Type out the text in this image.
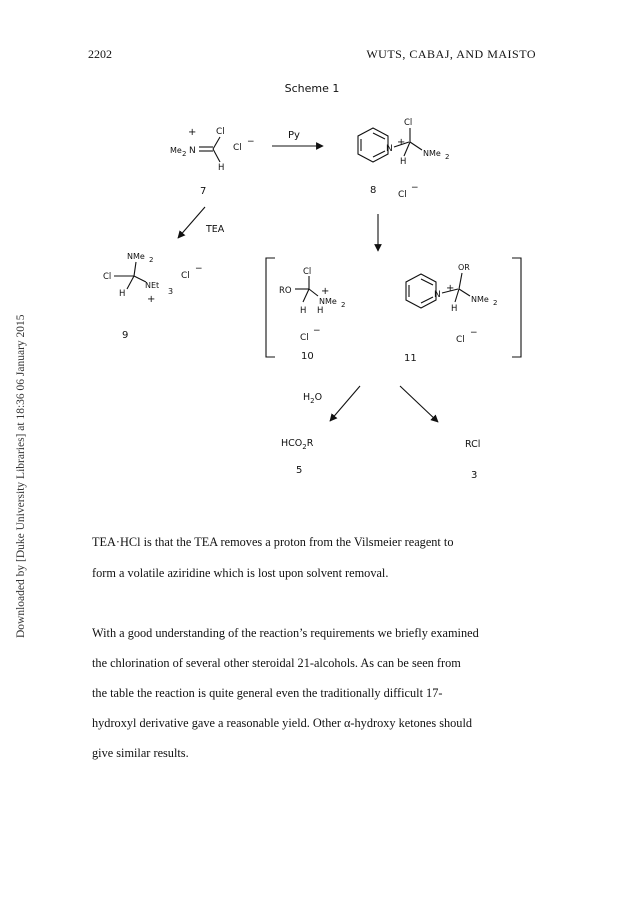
2202	WUTS, CABAJ, AND MAISTO
Downloaded by [Duke University Libraries] at 18:36 06 January 2015
Scheme 1
+ Cl
Me 2 N
H
Cl
−
7
Py
Cl
N
+
H
NMe 2
8 Cl
−
TEA
NMe 2
Cl
NEt
3
H +
Cl
−
9
Cl
RO	+
NMe 2
H H
Cl
−
10
OR
N
+
NMe 2
H
Cl
−
11
$H_2O$
$HCO_2R$
5
RCl
3
TEA·HCl is that the TEA removes a proton from the Vilsmeier reagent to
form a volatile aziridine which is lost upon solvent removal.
With a good understanding of the reaction’s requirements we briefly examined
the chlorination of several other steroidal 21-alcohols. As can be seen from
the table the reaction is quite general even the traditionally difficult 17-
hydroxyl derivative gave a reasonable yield. Other α-hydroxy ketones should
give similar results.
